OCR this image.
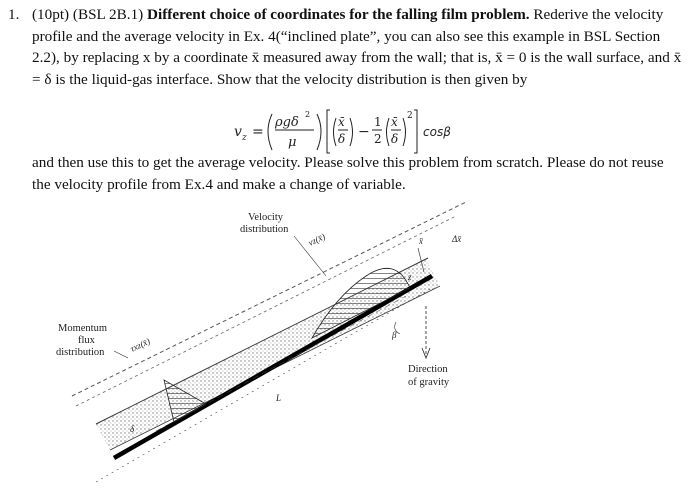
1. (10pt) (BSL 2B.1) Different choice of coordinates for the falling film problem. Rederive the velocity profile and the average velocity in Ex. 4(“inclined plate”, you can also see this example in BSL Section 2.2), by replacing x by a coordinate x̄ measured away from the wall; that is, x̄ = 0 is the wall surface, and x̄ = δ is the liquid-gas interface. Show that the velocity distribution is then given by
v z =
ρgδ
2
μ
x̄
δ −
1
2
x̄
δ
2
cosβ
and then use this to get the average velocity. Please solve this problem from scratch. Please do not reuse the velocity profile from Ex.4 and make a change of variable.
L
Direction
of gravity
β
x̄
z
Δx̄
δ
Velocity
distribution
vz(x̄)
Momentum
flux
distribution	τxz(x̄)
